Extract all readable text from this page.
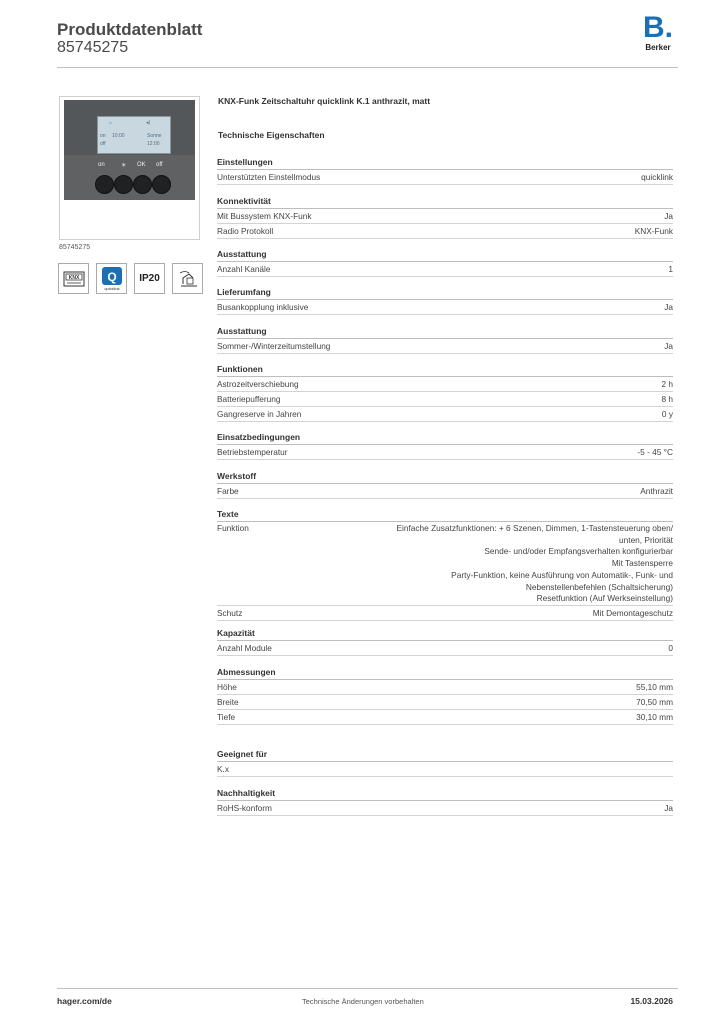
Produktdatenblatt
85745275
B.
Berker
☼	◂)
on 10:00	Sonne
off	12:00
on	☀ OK off
85745275
KNX Q
quicklink
IP20
KNX-Funk Zeitschaltuhr quicklink K.1 anthrazit, matt
Technische Eigenschaften
Einstellungen
Unterstützten Einstellmodus	quicklink
Konnektivität
Mit Bussystem KNX-Funk	Ja
Radio Protokoll	KNX-Funk
Ausstattung
Anzahl Kanäle	1
Lieferumfang
Busankopplung inklusive	Ja
Ausstattung
Sommer-/Winterzeitumstellung	Ja
Funktionen
Astrozeitverschiebung	2 h
Batteriepufferung	8 h
Gangreserve in Jahren	0 y
Einsatzbedingungen
Betriebstemperatur	-5 - 45 °C
Werkstoff
Farbe	Anthrazit
Texte
Funktion	Einfache Zusatzfunktionen: + 6 Szenen, Dimmen, 1-Tastensteuerung oben/
unten, Priorität
Sende- und/oder Empfangsverhalten konfigurierbar
Mit Tastensperre
Party-Funktion, keine Ausführung von Automatik-, Funk- und
Nebenstellenbefehlen (Schaltsicherung)
Resetfunktion (Auf Werkseinstellung)
Schutz	Mit Demontageschutz
Kapazität
Anzahl Module	0
Abmessungen
Höhe	55,10 mm
Breite	70,50 mm
Tiefe	30,10 mm
Geeignet für
K.x
Nachhaltigkeit
RoHS-konform	Ja
hager.com/de	Technische Änderungen vorbehalten	15.03.2026
